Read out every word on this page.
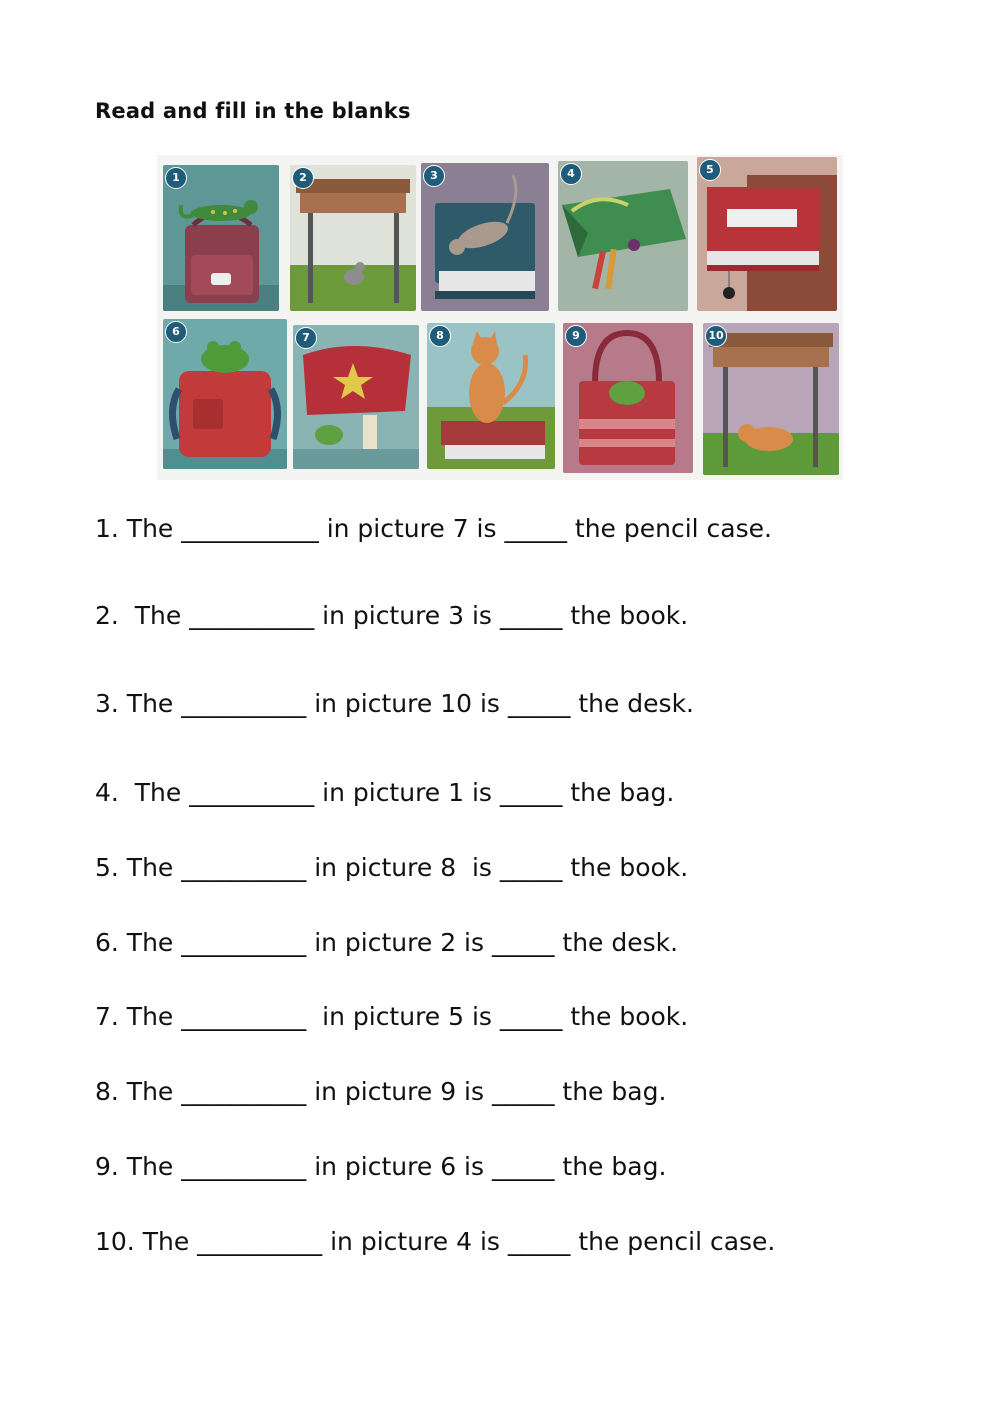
Read and fill in the blanks
1	2	3	4	5
6	7	8	9	10
1. The ___________ in picture 7 is _____ the pencil case.
2.  The __________ in picture 3 is _____ the book.
3. The __________ in picture 10 is _____ the desk.
4.  The __________ in picture 1 is _____ the bag.
5. The __________ in picture 8  is _____ the book.
6. The __________ in picture 2 is _____ the desk.
7. The __________  in picture 5 is _____ the book.
8. The __________ in picture 9 is _____ the bag.
9. The __________ in picture 6 is _____ the bag.
10. The __________ in picture 4 is _____ the pencil case.
